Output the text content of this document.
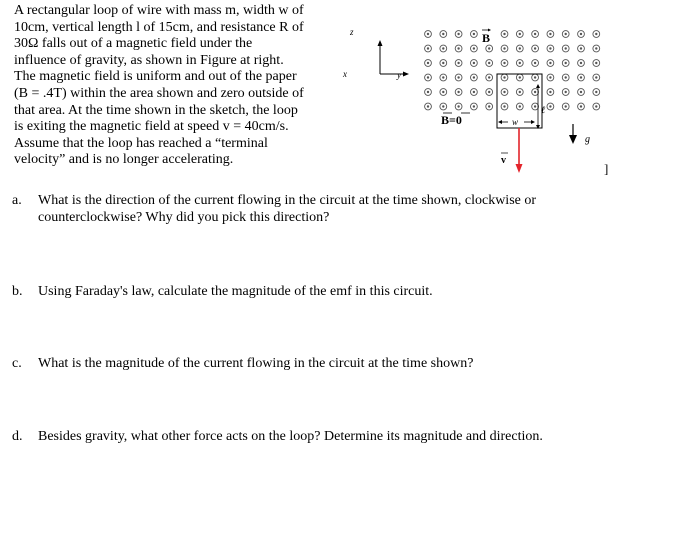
A rectangular loop of wire with mass m, width w of

10cm, vertical length l of 15cm, and resistance R of

30Ω falls out of a magnetic field under the

influence of gravity, as shown in Figure at right.

The magnetic field is uniform and out of the paper

(B = .4T) within the area shown and zero outside of

that area. At the time shown in the sketch, the loop

is exiting the magnetic field at speed v = 40cm/s.

Assume that the loop has reached a “terminal

velocity” and is no longer accelerating.

z
x	y
B
ℓ
w
B=0
v
g
]
a. What is the direction of the current flowing in the circuit at the time shown, clockwise or
counterclockwise? Why did you pick this direction?
b. Using Faraday's law, calculate the magnitude of the emf in this circuit.
c. What is the magnitude of the current flowing in the circuit at the time shown?
d. Besides gravity, what other force acts on the loop? Determine its magnitude and direction.
